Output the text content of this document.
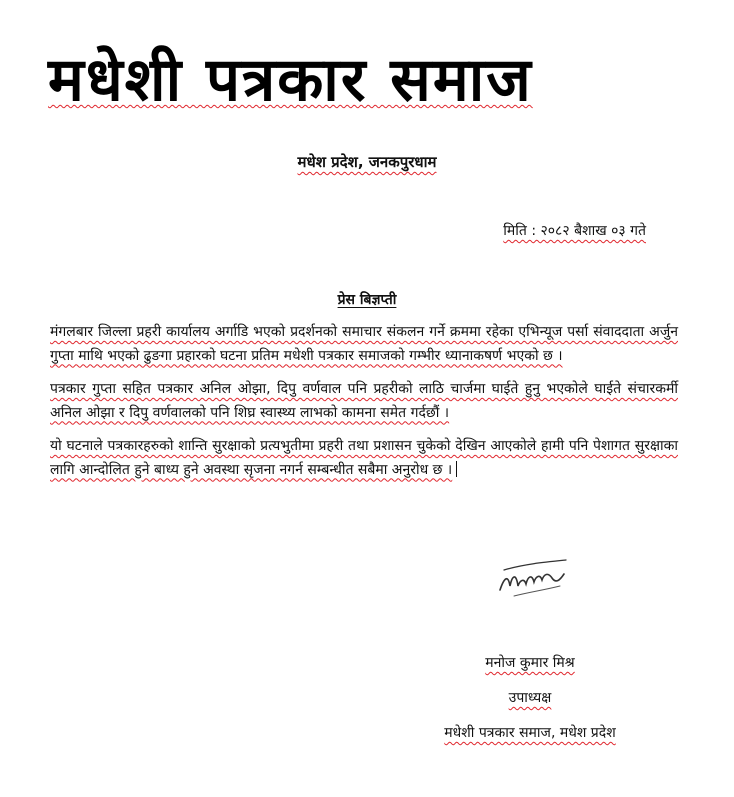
मधेशी पत्रकार समाज
मधेश प्रदेश, जनकपुरधाम
मिति : २०८२ बैशाख ०३ गते
प्रेस बिज्ञप्ती

मंगलबार जिल्ला प्रहरी कार्यालय अर्गाडि भएको प्रदर्शनको समाचार संकलन गर्ने क्रममा रहेका एभिन्यूज पर्सा संवाददाता अर्जुन गुप्ता माथि भएको ढुङगा प्रहारको घटना प्रतिम मधेशी पत्रकार समाजको गम्भीर ध्यानाकषर्ण भएको छ ।

पत्रकार गुप्ता सहित पत्रकार अनिल ओझा, दिपु वर्णवाल पनि प्रहरीको लाठि चार्जमा घाईते हुनु भएकोले घाईते संचारकर्मी अनिल ओझा र दिपु वर्णवालको पनि शिघ्र स्वास्थ्य लाभको कामना समेत गर्दछौं ।

यो घटनाले पत्रकारहरुको शान्ति सुरक्षाको प्रत्यभुतीमा प्रहरी तथा प्रशासन चुकेको देखिन आएकोले हामी पनि पेशागत सुरक्षाका लागि आन्दोलित हुने बाध्य हुने अवस्था सृजना नगर्न सम्बन्धीत सबैमा अनुरोध छ ।

मनोज कुमार मिश्र
उपाध्यक्ष
मधेशी पत्रकार समाज, मधेश प्रदेश
